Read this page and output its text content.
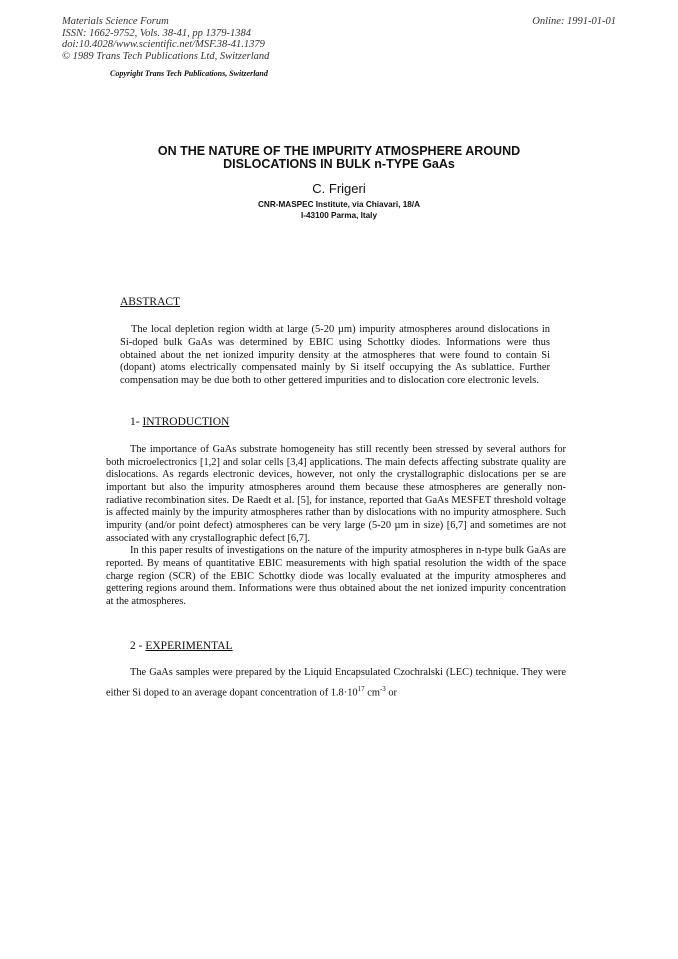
Materials Science Forum
ISSN: 1662-9752, Vols. 38-41, pp 1379-1384
doi:10.4028/www.scientific.net/MSF.38-41.1379
© 1989 Trans Tech Publications Ltd, Switzerland
Online: 1991-01-01
Copyright Trans Tech Publications, Switzerland
ON THE NATURE OF THE IMPURITY ATMOSPHERE AROUND
DISLOCATIONS IN BULK n-TYPE GaAs
C. Frigeri
CNR-MASPEC Institute, via Chiavari, 18/A
I-43100 Parma, Italy
ABSTRACT

The local depletion region width at large (5-20 µm) impurity atmospheres around dislocations in Si-doped bulk GaAs was determined by EBIC using Schottky diodes. Informations were thus obtained about the net ionized impurity density at the atmospheres that were found to contain Si (dopant) atoms electrically compensated mainly by Si itself occupying the As sublattice. Further compensation may be due both to other gettered impurities and to dislocation core electronic levels.

1- INTRODUCTION

The importance of GaAs substrate homogeneity has still recently been stressed by several authors for both microelectronics [1,2] and solar cells [3,4] applications. The main defects affecting substrate quality are dislocations. As regards electronic devices, however, not only the crystallographic dislocations per se are important but also the impurity atmospheres around them because these atmospheres are generally non-radiative recombination sites. De Raedt et al. [5], for instance, reported that GaAs MESFET threshold voltage is affected mainly by the impurity atmospheres rather than by dislocations with no impurity atmosphere. Such impurity (and/or point defect) atmospheres can be very large (5-20 µm in size) [6,7] and sometimes are not associated with any crystallographic defect [6,7].

In this paper results of investigations on the nature of the impurity atmospheres in n-type bulk GaAs are reported. By means of quantitative EBIC measurements with high spatial resolution the width of the space charge region (SCR) of the EBIC Schottky diode was locally evaluated at the impurity atmospheres and gettering regions around them. Informations were thus obtained about the net ionized impurity concentration at the atmospheres.

2 - EXPERIMENTAL

The GaAs samples were prepared by the Liquid Encapsulated Czochralski (LEC) technique. They were either Si doped to an average dopant concentration of $1.8\cdot 10^{17}$ $cm^{-3}$ or
